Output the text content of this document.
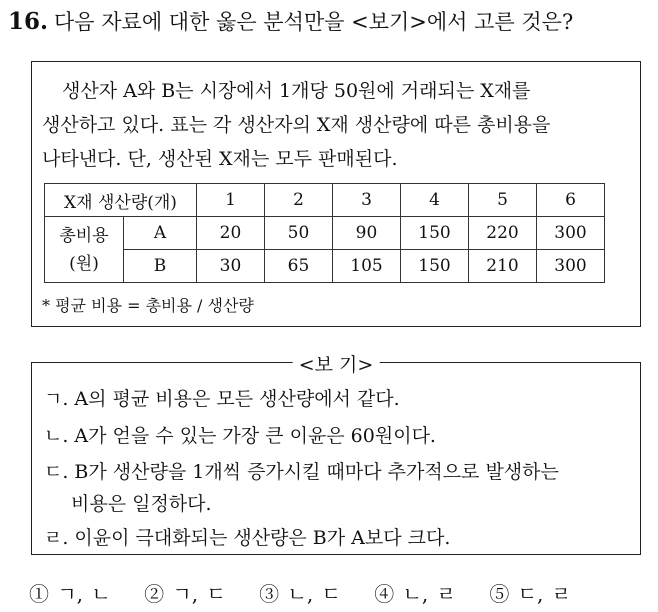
16. 다음 자료에 대한 옳은 분석만을 <보기>에서 고른 것은?
생산자 A와 B는 시장에서 1개당 50원에 거래되는 X재를
생산하고 있다. 표는 각 생산자의 X재 생산량에 따른 총비용을
나타낸다. 단, 생산된 X재는 모두 판매된다.
X재 생산량(개)		1	2	3	4	5	6

총비용
(원)	A	20	50	90	150	220	300
	B	30	65	105	150	210	300
* 평균 비용 = 총비용 / 생산량
<보 기>
ㄱ. A의 평균 비용은 모든 생산량에서 같다.
ㄴ. A가 얻을 수 있는 가장 큰 이윤은 60원이다.
ㄷ. B가 생산량을 1개씩 증가시킬 때마다 추가적으로 발생하는
비용은 일정하다.
ㄹ. 이윤이 극대화되는 생산량은 B가 A보다 크다.
① ㄱ, ㄴ ② ㄱ, ㄷ ③ ㄴ, ㄷ ④ ㄴ, ㄹ ⑤ ㄷ, ㄹ
